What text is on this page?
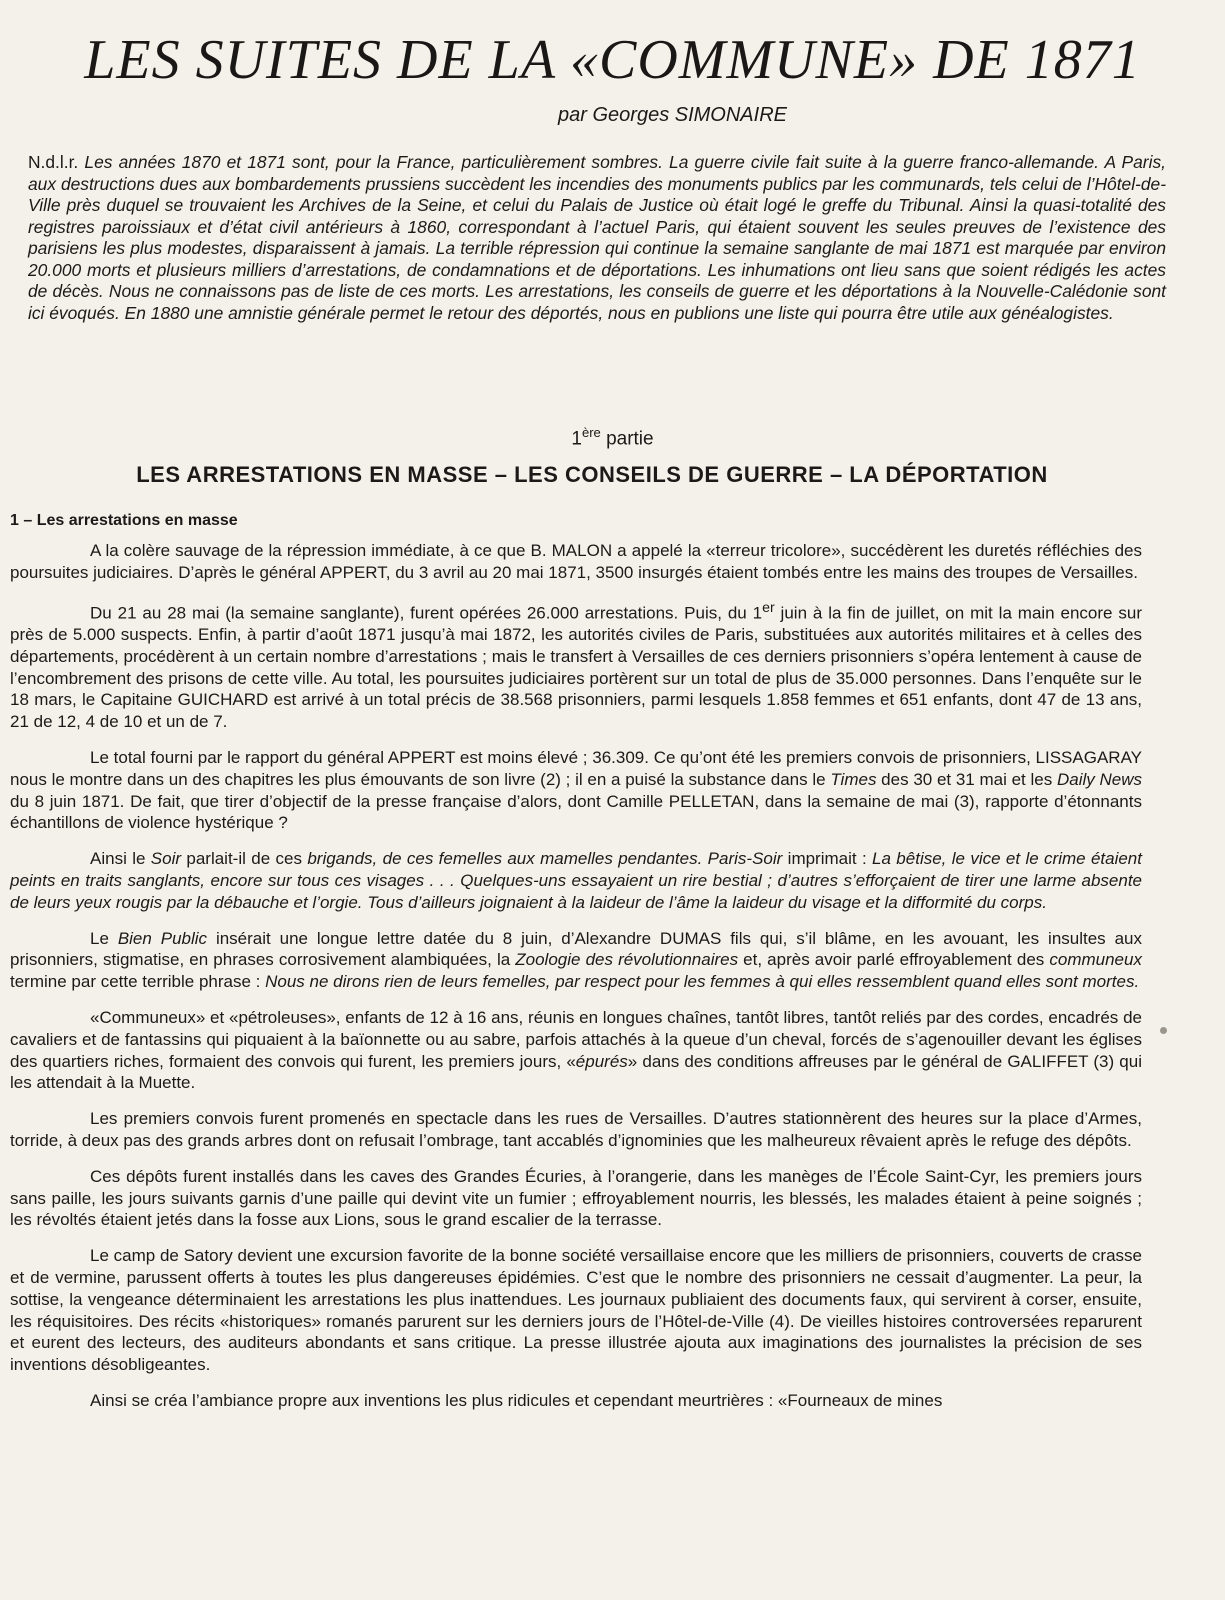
LES SUITES DE LA «COMMUNE» DE 1871
par Georges SIMONAIRE
N.d.l.r. Les années 1870 et 1871 sont, pour la France, particulièrement sombres. La guerre civile fait suite à la guerre franco-allemande. A Paris, aux destructions dues aux bombardements prussiens succèdent les incendies des monuments publics par les communards, tels celui de l’Hôtel-de-Ville près duquel se trouvaient les Archives de la Seine, et celui du Palais de Justice où était logé le greffe du Tribunal. Ainsi la quasi-totalité des registres paroissiaux et d’état civil antérieurs à 1860, correspondant à l’actuel Paris, qui étaient souvent les seules preuves de l’existence des parisiens les plus modestes, disparaissent à jamais. La terrible répression qui continue la semaine sanglante de mai 1871 est marquée par environ 20.000 morts et plusieurs milliers d’arrestations, de condamnations et de déportations. Les inhumations ont lieu sans que soient rédigés les actes de décès. Nous ne connaissons pas de liste de ces morts. Les arrestations, les conseils de guerre et les déportations à la Nouvelle-Calédonie sont ici évoqués. En 1880 une amnistie générale permet le retour des déportés, nous en publions une liste qui pourra être utile aux généalogistes.
1ère partie
LES ARRESTATIONS EN MASSE – LES CONSEILS DE GUERRE – LA DÉPORTATION
1 – Les arrestations en masse

A la colère sauvage de la répression immédiate, à ce que B. MALON a appelé la «terreur tricolore», succédèrent les duretés réfléchies des poursuites judiciaires. D’après le général APPERT, du 3 avril au 20 mai 1871, 3500 insurgés étaient tombés entre les mains des troupes de Versailles.

Du 21 au 28 mai (la semaine sanglante), furent opérées 26.000 arrestations. Puis, du 1er juin à la fin de juillet, on mit la main encore sur près de 5.000 suspects. Enfin, à partir d’août 1871 jusqu’à mai 1872, les autorités civiles de Paris, substituées aux autorités militaires et à celles des départements, procédèrent à un certain nombre d’arrestations ; mais le transfert à Versailles de ces derniers prisonniers s’opéra lentement à cause de l’encombrement des prisons de cette ville. Au total, les poursuites judiciaires portèrent sur un total de plus de 35.000 personnes. Dans l’enquête sur le 18 mars, le Capitaine GUICHARD est arrivé à un total précis de 38.568 prisonniers, parmi lesquels 1.858 femmes et 651 enfants, dont 47 de 13 ans, 21 de 12, 4 de 10 et un de 7.

Le total fourni par le rapport du général APPERT est moins élevé ; 36.309. Ce qu’ont été les premiers convois de prisonniers, LISSAGARAY nous le montre dans un des chapitres les plus émouvants de son livre (2) ; il en a puisé la substance dans le Times des 30 et 31 mai et les Daily News du 8 juin 1871. De fait, que tirer d’objectif de la presse française d’alors, dont Camille PELLETAN, dans la semaine de mai (3), rapporte d’étonnants échantillons de violence hystérique ?

Ainsi le Soir parlait-il de ces brigands, de ces femelles aux mamelles pendantes. Paris-Soir imprimait : La bêtise, le vice et le crime étaient peints en traits sanglants, encore sur tous ces visages . . . Quelques-uns essayaient un rire bestial ; d’autres s’efforçaient de tirer une larme absente de leurs yeux rougis par la débauche et l’orgie. Tous d’ailleurs joignaient à la laideur de l’âme la laideur du visage et la difformité du corps.

Le Bien Public insérait une longue lettre datée du 8 juin, d’Alexandre DUMAS fils qui, s’il blâme, en les avouant, les insultes aux prisonniers, stigmatise, en phrases corrosivement alambiquées, la Zoologie des révolutionnaires et, après avoir parlé effroyablement des communeux termine par cette terrible phrase : Nous ne dirons rien de leurs femelles, par respect pour les femmes à qui elles ressemblent quand elles sont mortes.

«Communeux» et «pétroleuses», enfants de 12 à 16 ans, réunis en longues chaînes, tantôt libres, tantôt reliés par des cordes, encadrés de cavaliers et de fantassins qui piquaient à la baïonnette ou au sabre, parfois attachés à la queue d’un cheval, forcés de s’agenouiller devant les églises des quartiers riches, formaient des convois qui furent, les premiers jours, «épurés» dans des conditions affreuses par le général de GALIFFET (3) qui les attendait à la Muette.

Les premiers convois furent promenés en spectacle dans les rues de Versailles. D’autres stationnèrent des heures sur la place d’Armes, torride, à deux pas des grands arbres dont on refusait l’ombrage, tant accablés d’ignominies que les malheureux rêvaient après le refuge des dépôts.

Ces dépôts furent installés dans les caves des Grandes Écuries, à l’orangerie, dans les manèges de l’École Saint-Cyr, les premiers jours sans paille, les jours suivants garnis d’une paille qui devint vite un fumier ; effroyablement nourris, les blessés, les malades étaient à peine soignés ; les révoltés étaient jetés dans la fosse aux Lions, sous le grand escalier de la terrasse.

Le camp de Satory devient une excursion favorite de la bonne société versaillaise encore que les milliers de prisonniers, couverts de crasse et de vermine, parussent offerts à toutes les plus dangereuses épidémies. C’est que le nombre des prisonniers ne cessait d’augmenter. La peur, la sottise, la vengeance déterminaient les arrestations les plus inattendues. Les journaux publiaient des documents faux, qui servirent à corser, ensuite, les réquisitoires. Des récits «historiques» romanés parurent sur les derniers jours de l’Hôtel-de-Ville (4). De vieilles histoires controversées reparurent et eurent des lecteurs, des auditeurs abondants et sans critique. La presse illustrée ajouta aux imaginations des journalistes la précision de ses inventions désobligeantes.

Ainsi se créa l’ambiance propre aux inventions les plus ridicules et cependant meurtrières : «Fourneaux de mines
